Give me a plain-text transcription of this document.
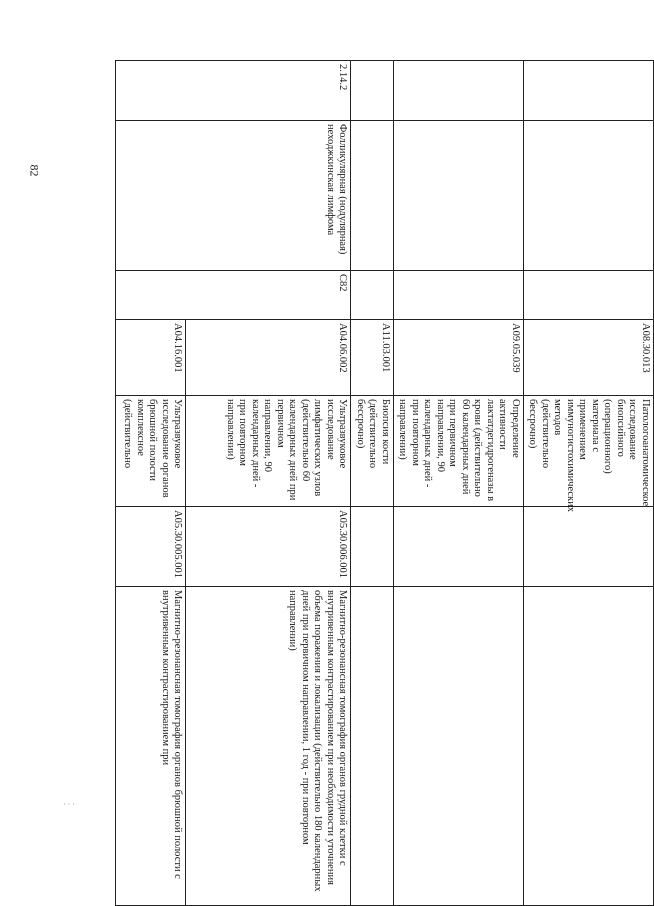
82
			A08.30.013	Патологоанатомическое исследование биопсийного (операционного) материала с применением иммуногистохимических методов (действительно бессрочно)		
			A09.05.039	Определение активности лактатдегидрогеназы в крови (действительно 60 календарных дней при первичном направлении, 90 календарных дней - при повторном направлении)		
			A11.03.001	Биопсия кости (действительно бессрочно)		
2.14.2	Фолликулярная (нодулярная) неходжкинская лимфома	C82	A04.06.002	Ультразвуковое исследование лимфатических узлов (действительно 60 календарных дней при первичном направлении, 90 календарных дней - при повторном направлении)	A05.30.006.001	Магнитно-резонансная томография органов грудной клетки с внутривенным контрастированием при необходимости уточнения объема поражения и локализации (действительно 180 календарных дней при первичном направлении, 1 год - при повторном направлении)
			A04.16.001	Ультразвуковое исследование органов брюшной полости комплексное (действительно	A05.30.005.001	Магнитно-резонансная томография органов брюшной полости с внутривенным контрастированием при
· · ·
